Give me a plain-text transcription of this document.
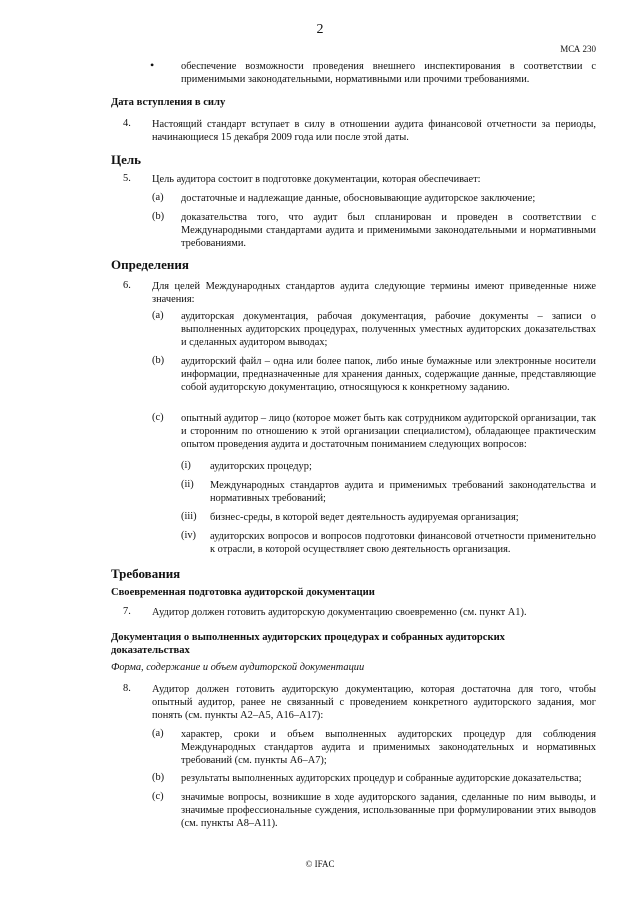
2
МСА 230
•	обеспечение возможности проведения внешнего инспектирования в соответствии с применимыми законодательными, нормативными или прочими требованиями.
Дата вступления в силу
4. Настоящий стандарт вступает в силу в отношении аудита финансовой отчетности за периоды, начинающиеся 15 декабря 2009 года или после этой даты.
Цель
5. Цель аудитора состоит в подготовке документации, которая обеспечивает:
(a) достаточные и надлежащие данные, обосновывающие аудиторское заключение;
(b) доказательства того, что аудит был спланирован и проведен в соответствии с Международными стандартами аудита и применимыми законодательными и нормативными требованиями.
Определения
6. Для целей Международных стандартов аудита следующие термины имеют приведенные ниже значения:
(a) аудиторская документация, рабочая документация, рабочие документы – записи о выполненных аудиторских процедурах, полученных уместных аудиторских доказательствах и сделанных аудитором выводах;
(b) аудиторский файл – одна или более папок, либо иные бумажные или электронные носители информации, предназначенные для хранения данных, содержащие данные, представляющие собой аудиторскую документацию, относящуюся к конкретному заданию.
(c) опытный аудитор – лицо (которое может быть как сотрудником аудиторской организации, так и сторонним по отношению к этой организации специалистом), обладающее практическим опытом проведения аудита и достаточным пониманием следующих вопросов:
(i) аудиторских процедур;
(ii) Международных стандартов аудита и применимых требований законодательства и нормативных требований;
(iii) бизнес-среды, в которой ведет деятельность аудируемая организация;
(iv) аудиторских вопросов и вопросов подготовки финансовой отчетности применительно к отрасли, в которой осуществляет свою деятельность организация.
Требования
Своевременная подготовка аудиторской документации
7. Аудитор должен готовить аудиторскую документацию своевременно (см. пункт А1).
Документация о выполненных аудиторских процедурах и собранных аудиторских доказательствах
Форма, содержание и объем аудиторской документации
8. Аудитор должен готовить аудиторскую документацию, которая достаточна для того, чтобы опытный аудитор, ранее не связанный с проведением конкретного аудиторского задания, мог понять (см. пункты А2–А5, А16–А17):
(a) характер, сроки и объем выполненных аудиторских процедур для соблюдения Международных стандартов аудита и применимых законодательных и нормативных требований (см. пункты А6–А7);
(b) результаты выполненных аудиторских процедур и собранные аудиторские доказательства;
(c) значимые вопросы, возникшие в ходе аудиторского задания, сделанные по ним выводы, и значимые профессиональные суждения, использованные при формулировании этих выводов (см. пункты А8–А11).
© IFAC
